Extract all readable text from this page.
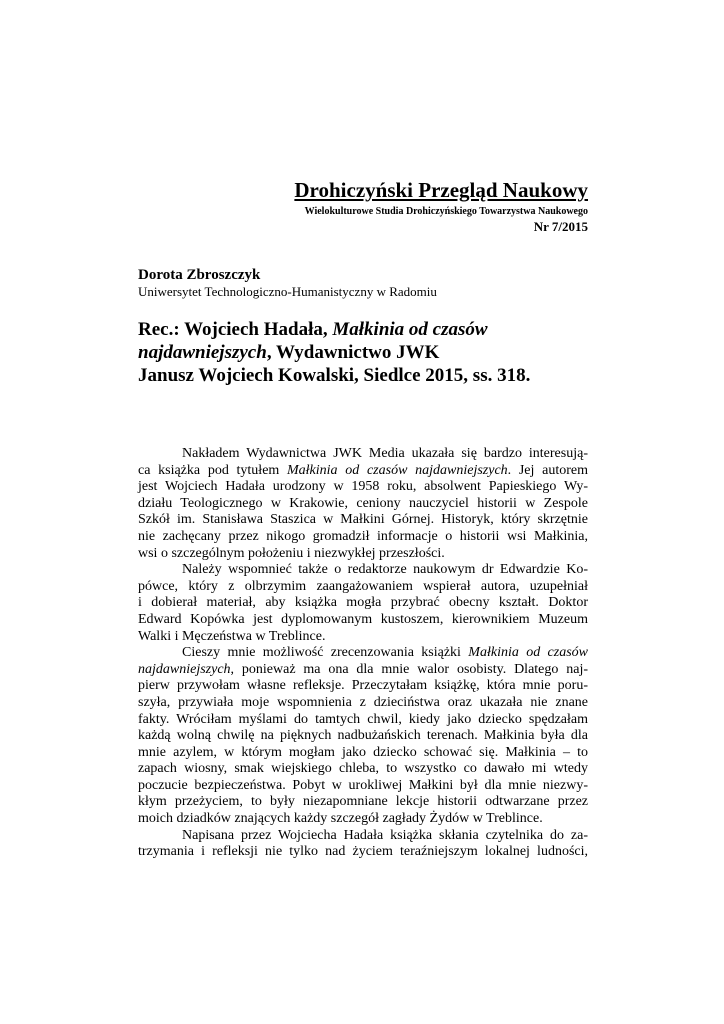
Drohiczyński Przegląd Naukowy
Wielokulturowe Studia Drohiczyńskiego Towarzystwa Naukowego
Nr 7/2015
Dorota Zbroszczyk
Uniwersytet Technologiczno-Humanistyczny w Radomiu
Rec.: Wojciech Hadała, Małkinia od czasów
najdawniejszych, Wydawnictwo JWK
Janusz Wojciech Kowalski, Siedlce 2015, ss. 318.

Nakładem Wydawnictwa JWK Media ukazała się bardzo interesują-
ca książka pod tytułem Małkinia od czasów najdawniejszych. Jej autorem
jest Wojciech Hadała urodzony w 1958 roku, absolwent Papieskiego Wy-
działu Teologicznego w Krakowie, ceniony nauczyciel historii w Zespole
Szkół im. Stanisława Staszica w Małkini Górnej. Historyk, który skrzętnie
nie zachęcany przez nikogo gromadził informacje o historii wsi Małkinia,
wsi o szczególnym położeniu i niezwykłej przeszłości.

Należy wspomnieć także o redaktorze naukowym dr Edwardzie Ko-
pówce, który z olbrzymim zaangażowaniem wspierał autora, uzupełniał
i dobierał materiał, aby książka mogła przybrać obecny kształt. Doktor
Edward Kopówka jest dyplomowanym kustoszem, kierownikiem Muzeum
Walki i Męczeństwa w Treblince.

Cieszy mnie możliwość zrecenzowania książki Małkinia od czasów
najdawniejszych, ponieważ ma ona dla mnie walor osobisty. Dlatego naj-
pierw przywołam własne refleksje. Przeczytałam książkę, która mnie poru-
szyła, przywiała moje wspomnienia z dzieciństwa oraz ukazała nie znane
fakty. Wróciłam myślami do tamtych chwil, kiedy jako dziecko spędzałam
każdą wolną chwilę na pięknych nadbużańskich terenach. Małkinia była dla
mnie azylem, w którym mogłam jako dziecko schować się. Małkinia – to
zapach wiosny, smak wiejskiego chleba, to wszystko co dawało mi wtedy
poczucie bezpieczeństwa. Pobyt w urokliwej Małkini był dla mnie niezwy-
kłym przeżyciem, to były niezapomniane lekcje historii odtwarzane przez
moich dziadków znających każdy szczegół zagłady Żydów w Treblince.

Napisana przez Wojciecha Hadała książka skłania czytelnika do za-
trzymania i refleksji nie tylko nad życiem teraźniejszym lokalnej ludności,
